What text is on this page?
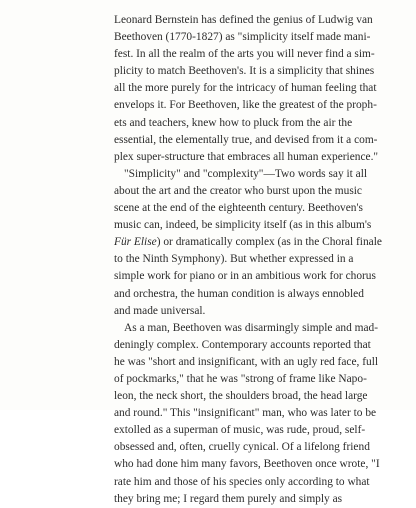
Leonard Bernstein has defined the genius of Ludwig van
Beethoven (1770-1827) as "simplicity itself made mani-
fest. In all the realm of the arts you will never find a sim-
plicity to match Beethoven's. It is a simplicity that shines
all the more purely for the intricacy of human feeling that
envelops it. For Beethoven, like the greatest of the proph-
ets and teachers, knew how to pluck from the air the
essential, the elementally true, and devised from it a com-
plex super-structure that embraces all human experience."
"Simplicity" and "complexity"—Two words say it all
about the art and the creator who burst upon the music
scene at the end of the eighteenth century. Beethoven's
music can, indeed, be simplicity itself (as in this album's
Für Elise) or dramatically complex (as in the Choral finale
to the Ninth Symphony). But whether expressed in a
simple work for piano or in an ambitious work for chorus
and orchestra, the human condition is always ennobled
and made universal.
As a man, Beethoven was disarmingly simple and mad-
deningly complex. Contemporary accounts reported that
he was "short and insignificant, with an ugly red face, full
of pockmarks," that he was "strong of frame like Napo-
leon, the neck short, the shoulders broad, the head large
and round." This "insignificant" man, who was later to be
extolled as a superman of music, was rude, proud, self-
obsessed and, often, cruelly cynical. Of a lifelong friend
who had done him many favors, Beethoven once wrote, "I
rate him and those of his species only according to what
they bring me; I regard them purely and simply as
